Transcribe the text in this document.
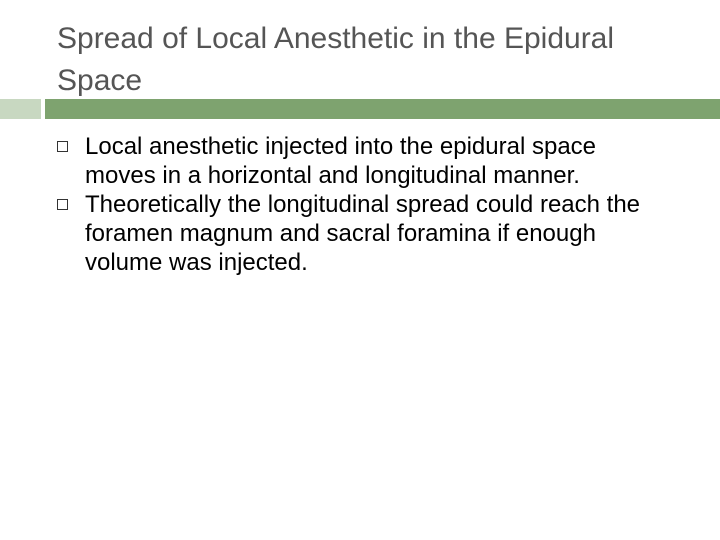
Spread of Local Anesthetic in the Epidural Space
Local anesthetic injected into the epidural space moves in a horizontal and longitudinal manner.
Theoretically the longitudinal spread could reach the foramen magnum and sacral foramina if enough volume was injected.
